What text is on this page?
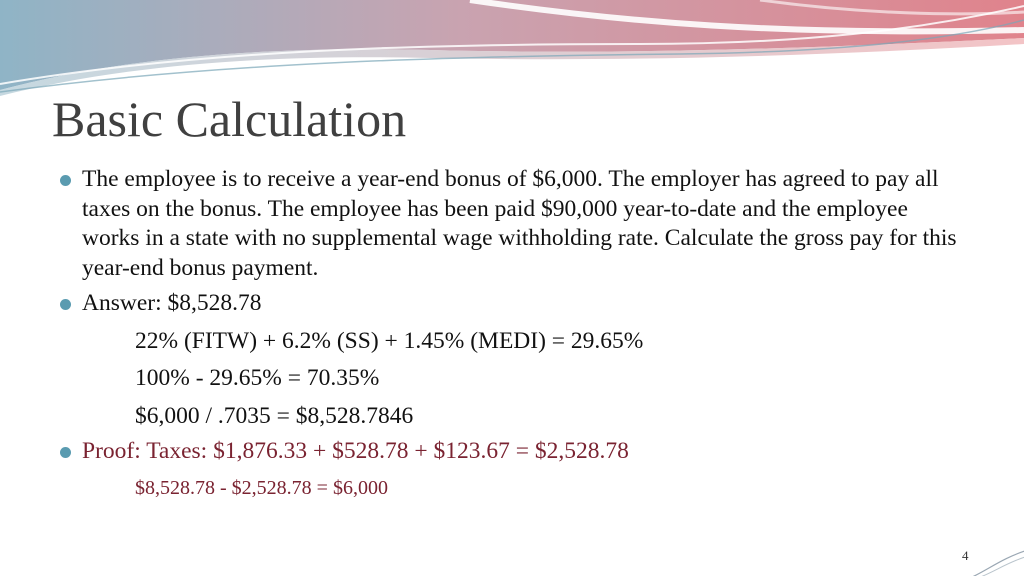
Basic Calculation
The employee is to receive a year-end bonus of $6,000. The employer has agreed to pay all taxes on the bonus. The employee has been paid $90,000 year-to-date and the employee works in a state with no supplemental wage withholding rate. Calculate the gross pay for this year-end bonus payment.
Answer: $8,528.78
22% (FITW) + 6.2% (SS) + 1.45% (MEDI) = 29.65%
100% - 29.65% = 70.35%
$6,000 / .7035 = $8,528.7846
Proof: Taxes: $1,876.33 + $528.78 + $123.67 = $2,528.78
$8,528.78 - $2,528.78 = $6,000
4
